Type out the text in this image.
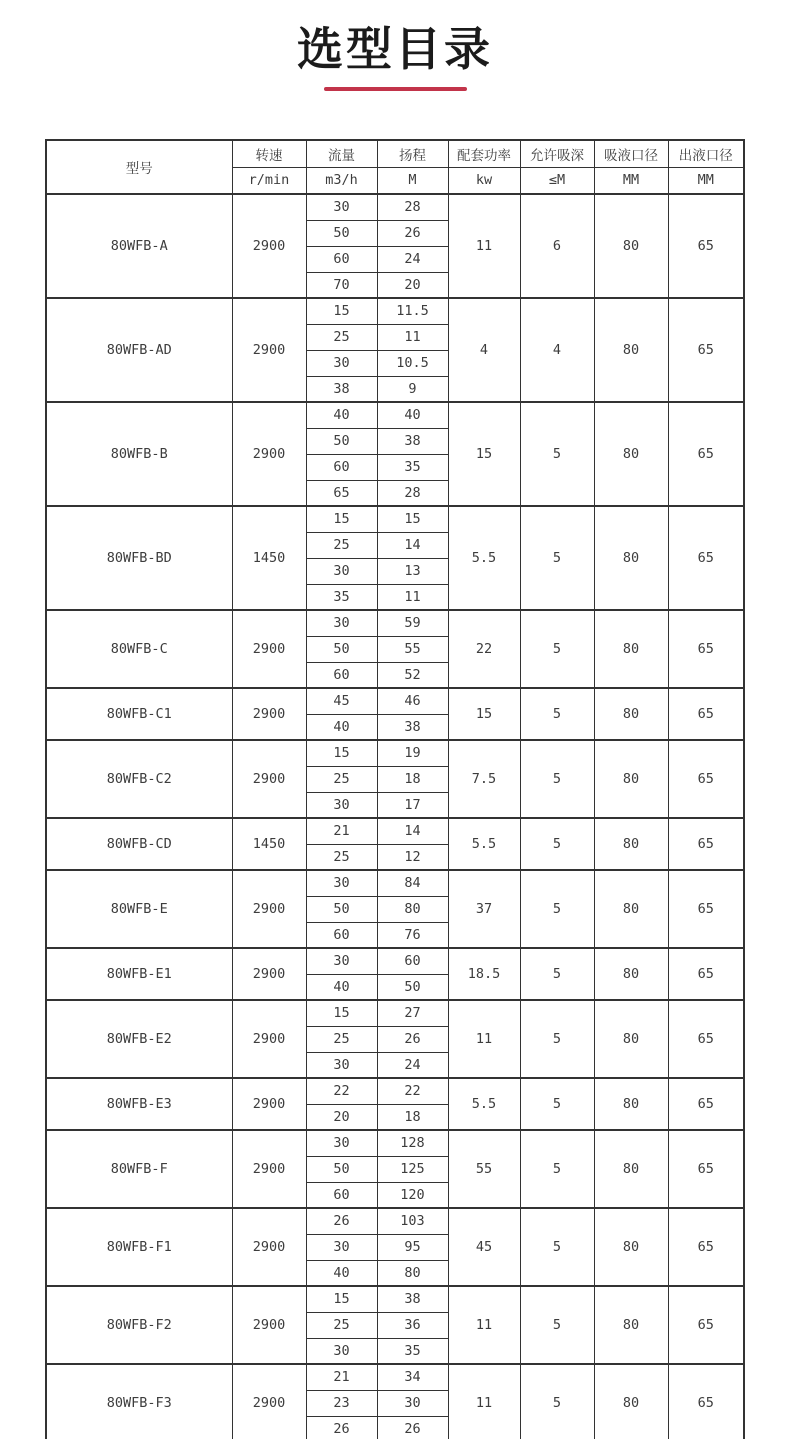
选型目录
型号	转速	流量	扬程	配套功率	允许吸深	吸液口径	出液口径
	r/min	m3/h	M	kw	≤M	MM	MM
80WFB-A	2900	30	28	11	6	80	65
		50	26				
		60	24				
		70	20				
80WFB-AD	2900	15	11.5	4	4	80	65
		25	11				
		30	10.5				
		38	9				
80WFB-B	2900	40	40	15	5	80	65
		50	38				
		60	35				
		65	28				
80WFB-BD	1450	15	15	5.5	5	80	65
		25	14				
		30	13				
		35	11				
80WFB-C	2900	30	59	22	5	80	65
		50	55				
		60	52				
80WFB-C1	2900	45	46	15	5	80	65
		40	38				
80WFB-C2	2900	15	19	7.5	5	80	65
		25	18				
		30	17				
80WFB-CD	1450	21	14	5.5	5	80	65
		25	12				
80WFB-E	2900	30	84	37	5	80	65
		50	80				
		60	76				
80WFB-E1	2900	30	60	18.5	5	80	65
		40	50				
80WFB-E2	2900	15	27	11	5	80	65
		25	26				
		30	24				
80WFB-E3	2900	22	22	5.5	5	80	65
		20	18				
80WFB-F	2900	30	128	55	5	80	65
		50	125				
		60	120				
80WFB-F1	2900	26	103	45	5	80	65
		30	95				
		40	80				
80WFB-F2	2900	15	38	11	5	80	65
		25	36				
		30	35				
80WFB-F3	2900	21	34	11	5	80	65
		23	30				
		26	26				
